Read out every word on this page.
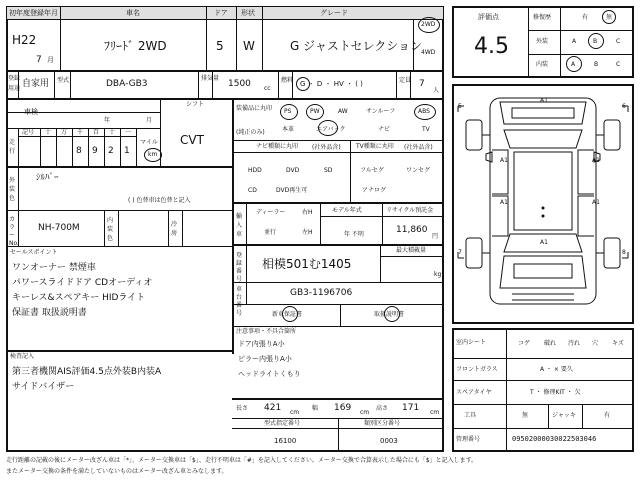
初年度登録年月	車名	ドア 形状	グレード
H22
7 月
ﾌﾘｰﾄﾞ 2WD	5 W	G ジャストセレクション
2WD
4WD
登録
用途 自家用 型式	DBA-GB3
排気量
1500 cc
燃料 G ・ D ・ HV ・ ( )	定員 7
人
車検
年	月
シフト
CVT
走行
記号 十 万 千 百 十 一
8 9 2 1
マイル
km
外装色
ｼﾙﾊﾞｰ
( ) 色替車は色替と記入
カラーNo.
NH-700M
内装色
冷房
セールスポイント
ワンオーナー 禁煙車
パワースライドドア CDオーディオ
キーレス&スペアキー HIDライト
保証書 取扱説明書
検査記入
第三者機関AIS評価4.5点外装B内装A
サイドバイザー
装備品に丸印
(純正のみ)
PS	PW	AW	サンルーフ	ABS
本革	エアバック	ナビ	TV
ナビ種類に丸印 (社外品含)	TV種類に丸印 (社外品含)
HDD	DVD	SD
CD	DVD再生可
フルセグ	ワンセグ
アナログ
輸入車
ディーラー	右H
並行	左H
モデル年式
年 不明
リサイクル預託金
11,860
円
登録番号
相模501む1405
最大積載量
kg
車台番号
GB3-1196706
新車保証書	取扱説明書
注意事項・不具合箇所
ドア内張りA小
ピラー内張りA小
ヘッドライトくもり
長さ 421 cm
幅 169 cm
高さ 171 cm
型式指定番号
16100
類別区分番号
0003
評価点
4.5
修復歴	有	無
外装	A	B	C
内装	A	B	C
5	6
7	8
A1
A1	A1
A1	A1
A1
室内シート	コゲ 破れ 汚れ 穴 キズ
フロントガラス	A ・ × 要久
スペアタイヤ	T ・ 修理KIT ・ 欠
工具	無	ジャッキ	有
管理番号	09502000030022503046
走行距離の記載の後にメーター改ざん車は「*」、メーター交換車は「$」、走行不明車は「#」を記入してください。メーター交換で合算表示した場合にも「$」と記入します。
またメーター交換の条件を満たしていないものはメーター改ざん車とみなします。
